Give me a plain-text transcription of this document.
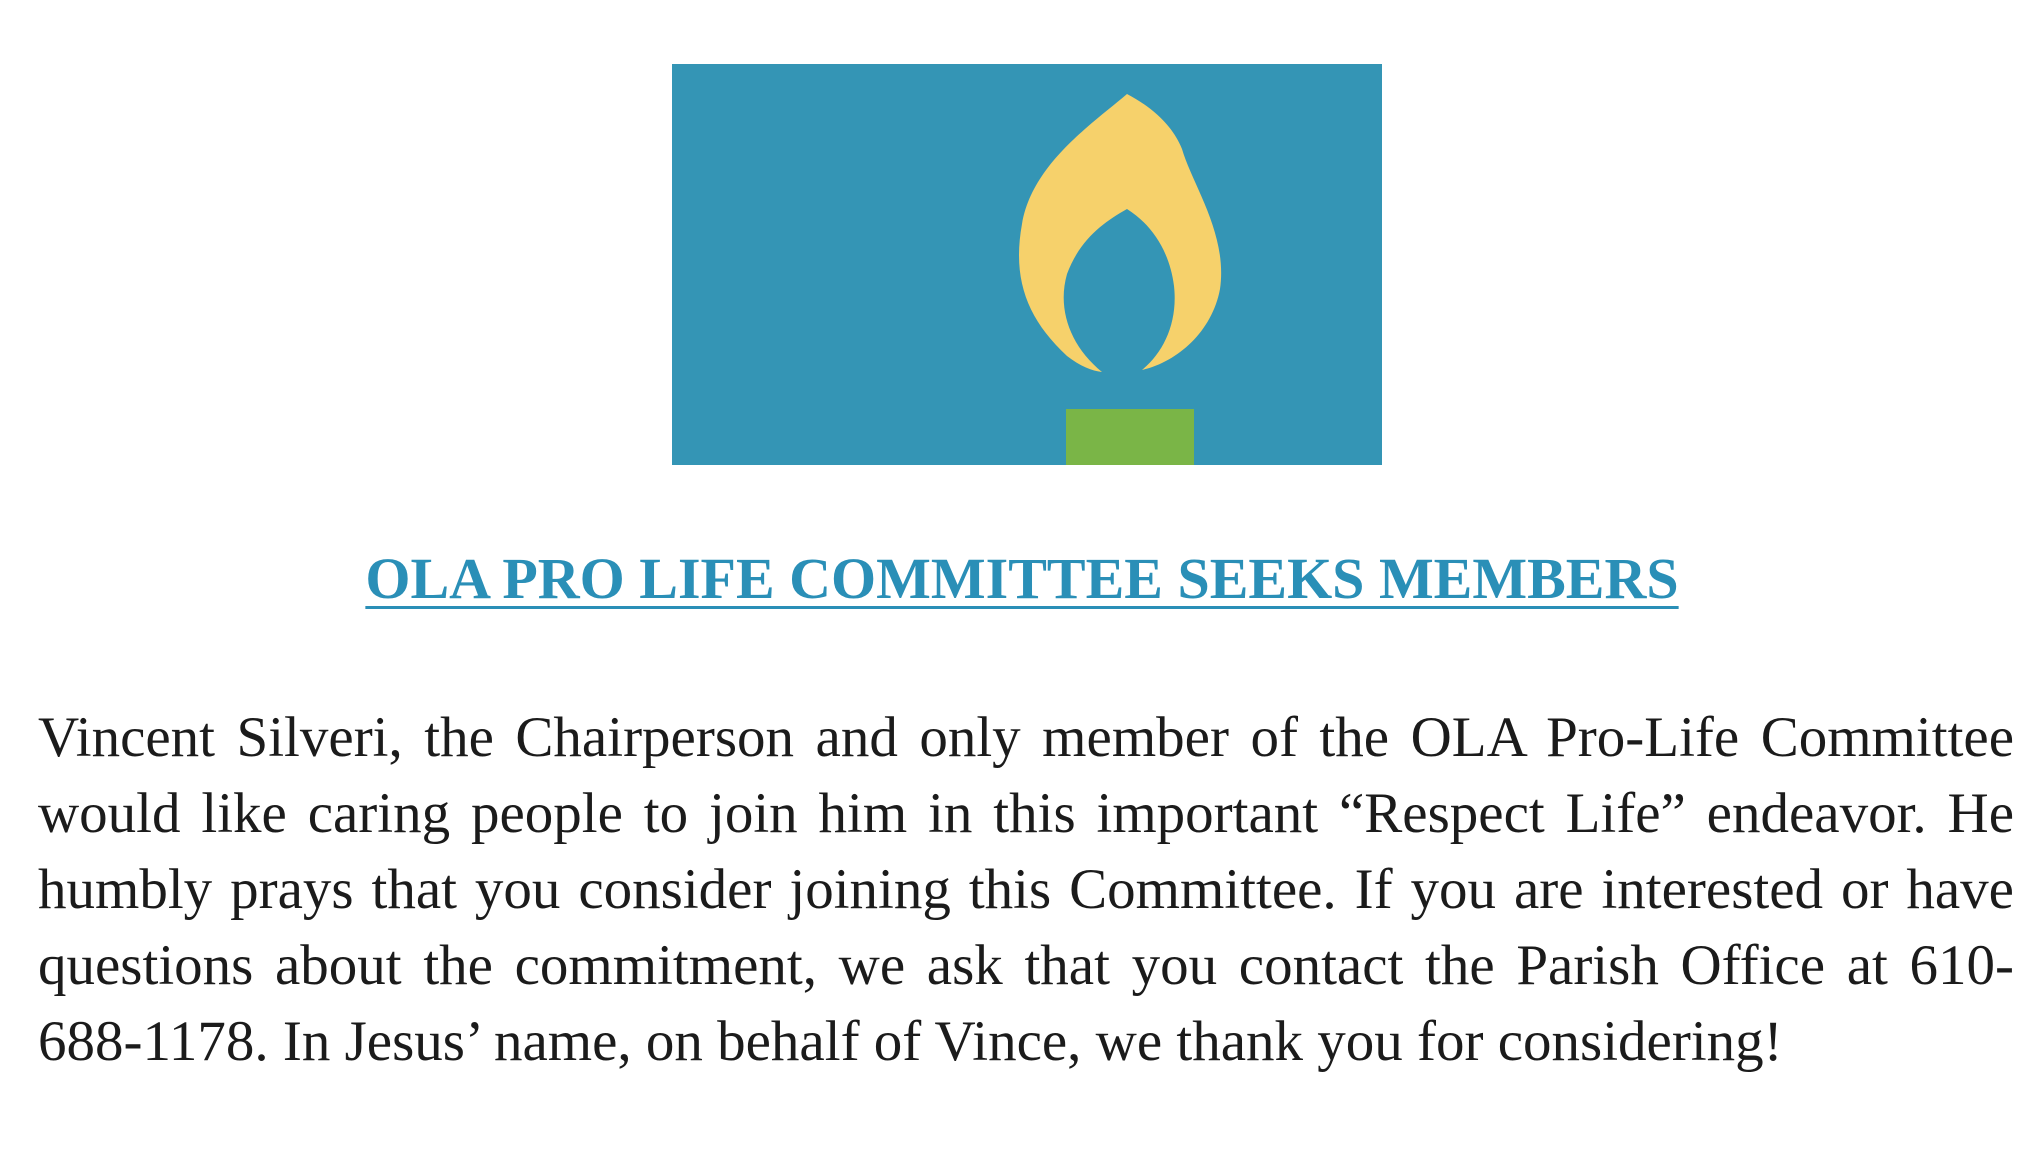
OLA PRO LIFE COMMITTEE SEEKS MEMBERS

Vincent Silveri, the Chairperson and only member of the OLA Pro-Life Committee would like caring people to join him in this important “Respect Life” endeavor. He humbly prays that you consider joining this Committee. If you are interested or have questions about the commitment, we ask that you contact the Parish Office at 610-688-1178. In Jesus’ name, on behalf of Vince, we thank you for considering!
